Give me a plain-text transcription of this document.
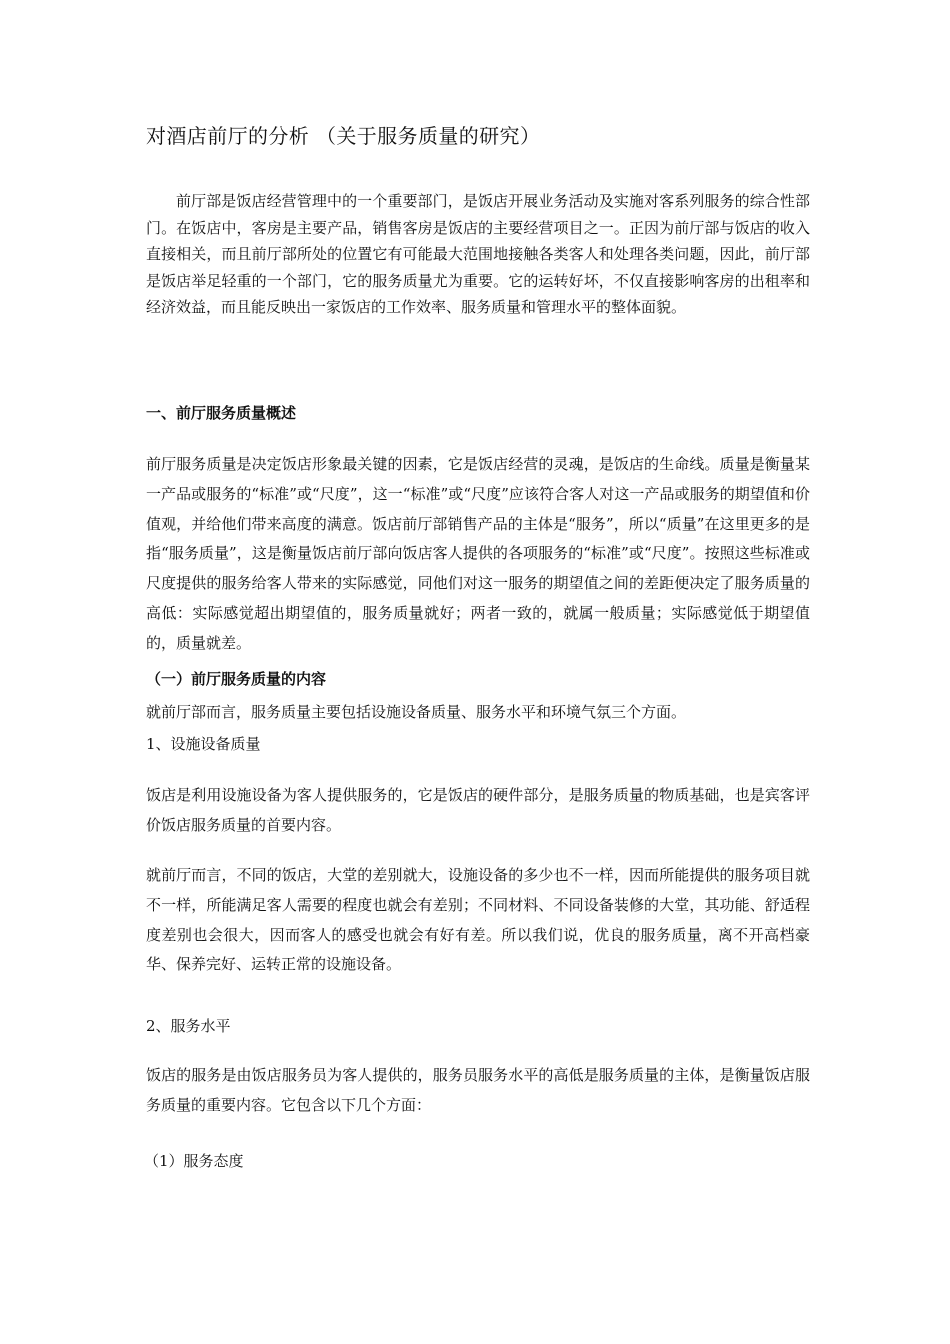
对酒店前厅的分析 （关于服务质量的研究）
前厅部是饭店经营管理中的一个重要部门，是饭店开展业务活动及实施对客系列服务的综合性部门。在饭店中，客房是主要产品，销售客房是饭店的主要经营项目之一。正因为前厅部与饭店的收入直接相关，而且前厅部所处的位置它有可能最大范围地接触各类客人和处理各类问题，因此，前厅部是饭店举足轻重的一个部门，它的服务质量尤为重要。它的运转好坏，不仅直接影响客房的出租率和经济效益，而且能反映出一家饭店的工作效率、服务质量和管理水平的整体面貌。
一、前厅服务质量概述
前厅服务质量是决定饭店形象最关键的因素，它是饭店经营的灵魂，是饭店的生命线。质量是衡量某一产品或服务的“标准”或“尺度”，这一“标准”或“尺度”应该符合客人对这一产品或服务的期望值和价值观，并给他们带来高度的满意。饭店前厅部销售产品的主体是“服务”，所以“质量”在这里更多的是指“服务质量”，这是衡量饭店前厅部向饭店客人提供的各项服务的“标准”或“尺度”。按照这些标准或尺度提供的服务给客人带来的实际感觉，同他们对这一服务的期望值之间的差距便决定了服务质量的高低：实际感觉超出期望值的，服务质量就好；两者一致的，就属一般质量；实际感觉低于期望值的，质量就差。
（一）前厅服务质量的内容
就前厅部而言，服务质量主要包括设施设备质量、服务水平和环境气氛三个方面。
1、设施设备质量
饭店是利用设施设备为客人提供服务的，它是饭店的硬件部分，是服务质量的物质基础，也是宾客评价饭店服务质量的首要内容。
就前厅而言，不同的饭店，大堂的差别就大，设施设备的多少也不一样，因而所能提供的服务项目就不一样，所能满足客人需要的程度也就会有差别；不同材料、不同设备装修的大堂，其功能、舒适程度差别也会很大，因而客人的感受也就会有好有差。所以我们说，优良的服务质量，离不开高档豪华、保养完好、运转正常的设施设备。
2、服务水平
饭店的服务是由饭店服务员为客人提供的，服务员服务水平的高低是服务质量的主体，是衡量饭店服务质量的重要内容。它包含以下几个方面：
（1）服务态度
